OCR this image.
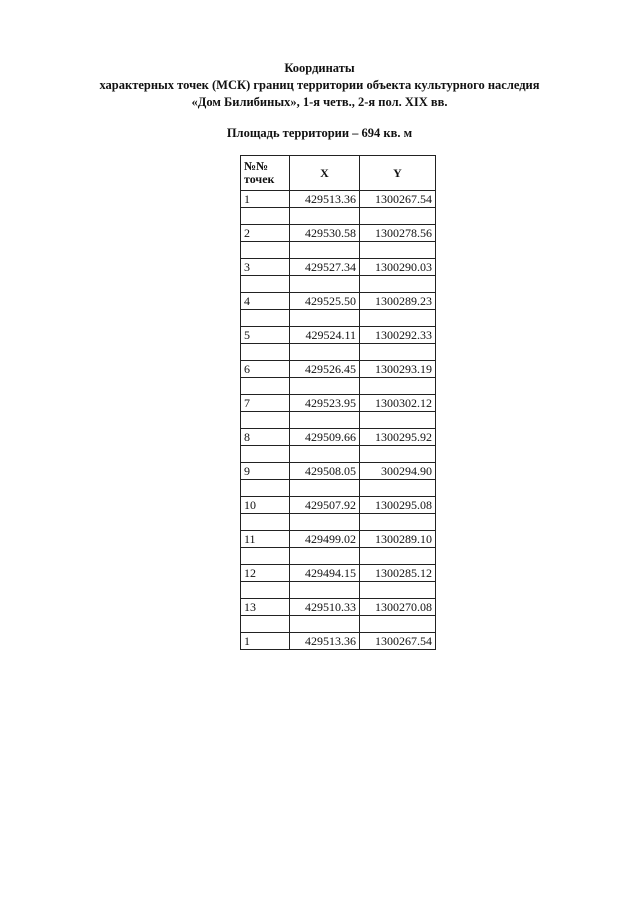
Координаты
характерных точек (МСК) границ территории объекта культурного наследия
«Дом Билибиных», 1-я четв., 2-я пол. XIX вв.
Площадь территории – 694 кв. м
№№
точек	X	Y
1	429513.36	1300267.54

2	429530.58	1300278.56

3	429527.34	1300290.03

4	429525.50	1300289.23

5	429524.11	1300292.33

6	429526.45	1300293.19

7	429523.95	1300302.12

8	429509.66	1300295.92

9	429508.05	300294.90

10	429507.92	1300295.08

11	429499.02	1300289.10

12	429494.15	1300285.12

13	429510.33	1300270.08

1	429513.36	1300267.54
